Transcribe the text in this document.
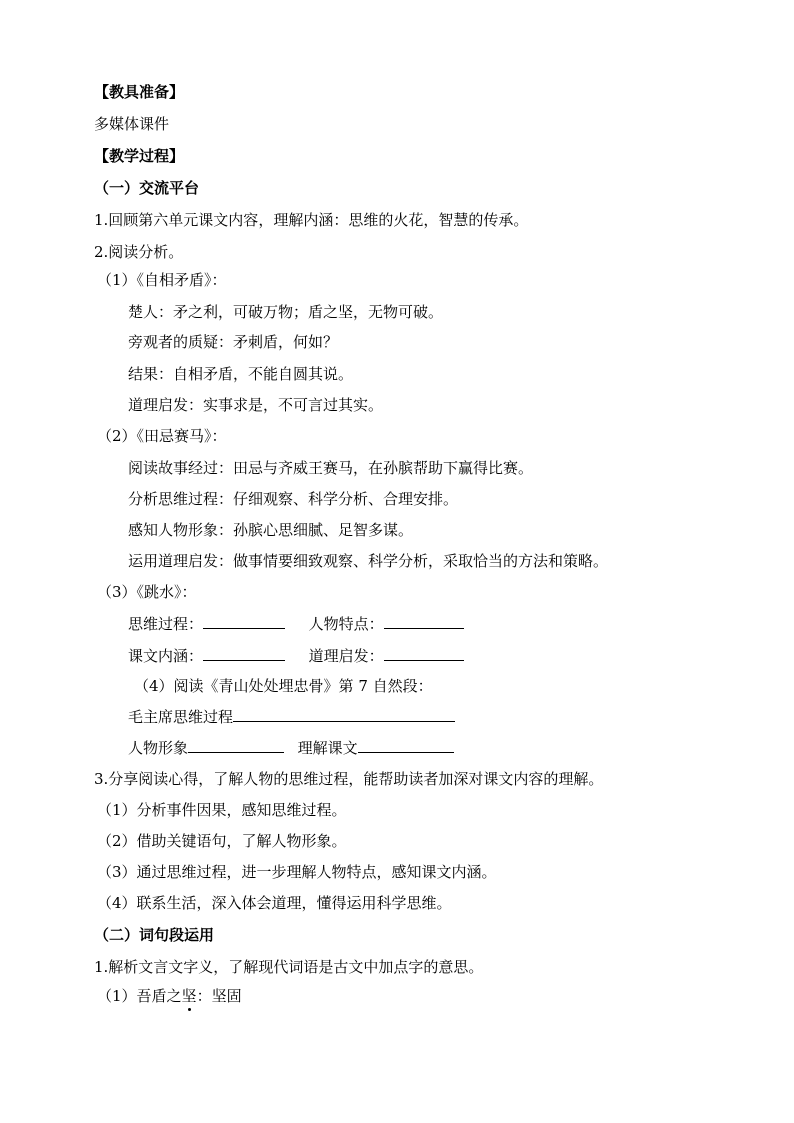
【教具准备】
多媒体课件
【教学过程】
（一）交流平台
1.回顾第六单元课文内容，理解内涵：思维的火花，智慧的传承。
2.阅读分析。
（1）《自相矛盾》：
楚人：矛之利，可破万物；盾之坚，无物可破。
旁观者的质疑：矛刺盾，何如？
结果：自相矛盾，不能自圆其说。
道理启发：实事求是，不可言过其实。
（2）《田忌赛马》：
阅读故事经过：田忌与齐威王赛马，在孙膑帮助下赢得比赛。
分析思维过程：仔细观察、科学分析、合理安排。
感知人物形象：孙膑心思细腻、足智多谋。
运用道理启发：做事情要细致观察、科学分析，采取恰当的方法和策略。
（3）《跳水》：
思维过程：	人物特点：
课文内涵：	道理启发：
（4）阅读《青山处处埋忠骨》第 7 自然段：
毛主席思维过程
人物形象	理解课文
3.分享阅读心得，了解人物的思维过程，能帮助读者加深对课文内容的理解。
（1）分析事件因果，感知思维过程。
（2）借助关键语句，了解人物形象。
（3）通过思维过程，进一步理解人物特点，感知课文内涵。
（4）联系生活，深入体会道理，懂得运用科学思维。
（二）词句段运用
1.解析文言文字义，了解现代词语是古文中加点字的意思。
（1）吾盾之坚：坚固
